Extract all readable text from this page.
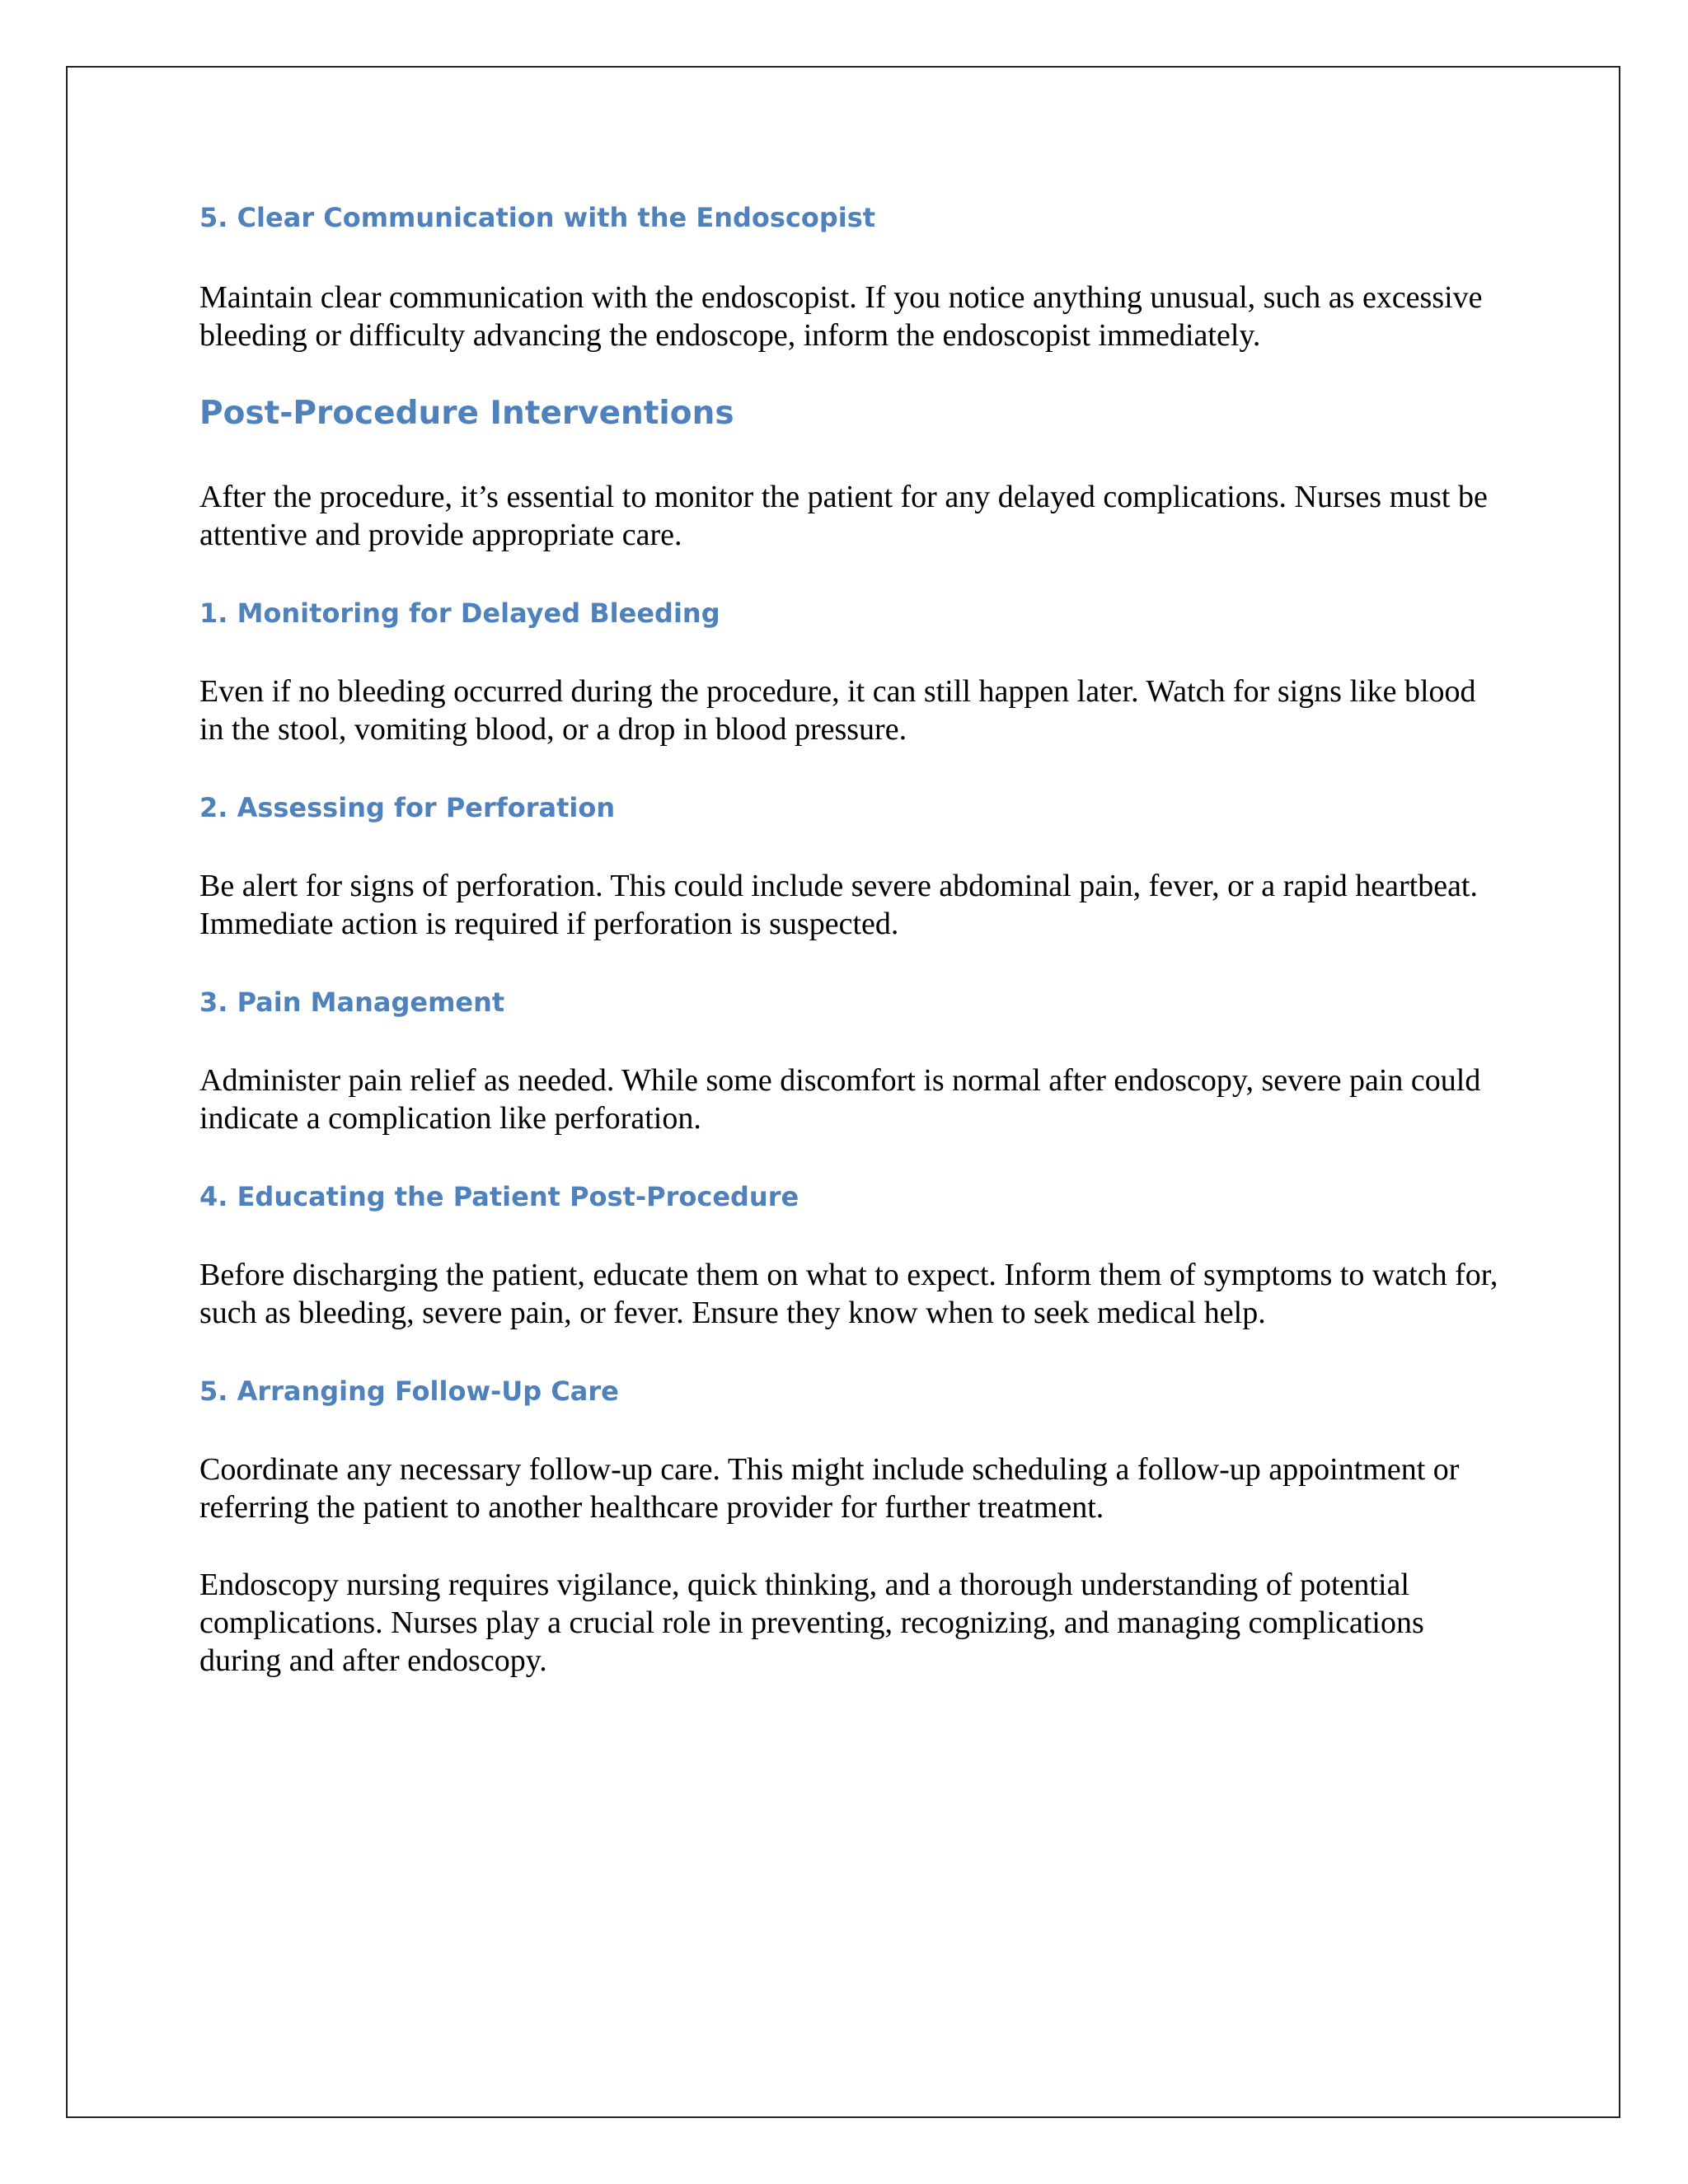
5. Clear Communication with the Endoscopist

Maintain clear communication with the endoscopist. If you notice anything unusual, such as excessive bleeding or difficulty advancing the endoscope, inform the endoscopist immediately.

Post-Procedure Interventions

After the procedure, it’s essential to monitor the patient for any delayed complications. Nurses must be attentive and provide appropriate care.

1. Monitoring for Delayed Bleeding

Even if no bleeding occurred during the procedure, it can still happen later. Watch for signs like blood in the stool, vomiting blood, or a drop in blood pressure.

2. Assessing for Perforation

Be alert for signs of perforation. This could include severe abdominal pain, fever, or a rapid heartbeat. Immediate action is required if perforation is suspected.

3. Pain Management

Administer pain relief as needed. While some discomfort is normal after endoscopy, severe pain could indicate a complication like perforation.

4. Educating the Patient Post-Procedure

Before discharging the patient, educate them on what to expect. Inform them of symptoms to watch for, such as bleeding, severe pain, or fever. Ensure they know when to seek medical help.

5. Arranging Follow-Up Care

Coordinate any necessary follow-up care. This might include scheduling a follow-up appointment or referring the patient to another healthcare provider for further treatment.

Endoscopy nursing requires vigilance, quick thinking, and a thorough understanding of potential complications. Nurses play a crucial role in preventing, recognizing, and managing complications during and after endoscopy.
